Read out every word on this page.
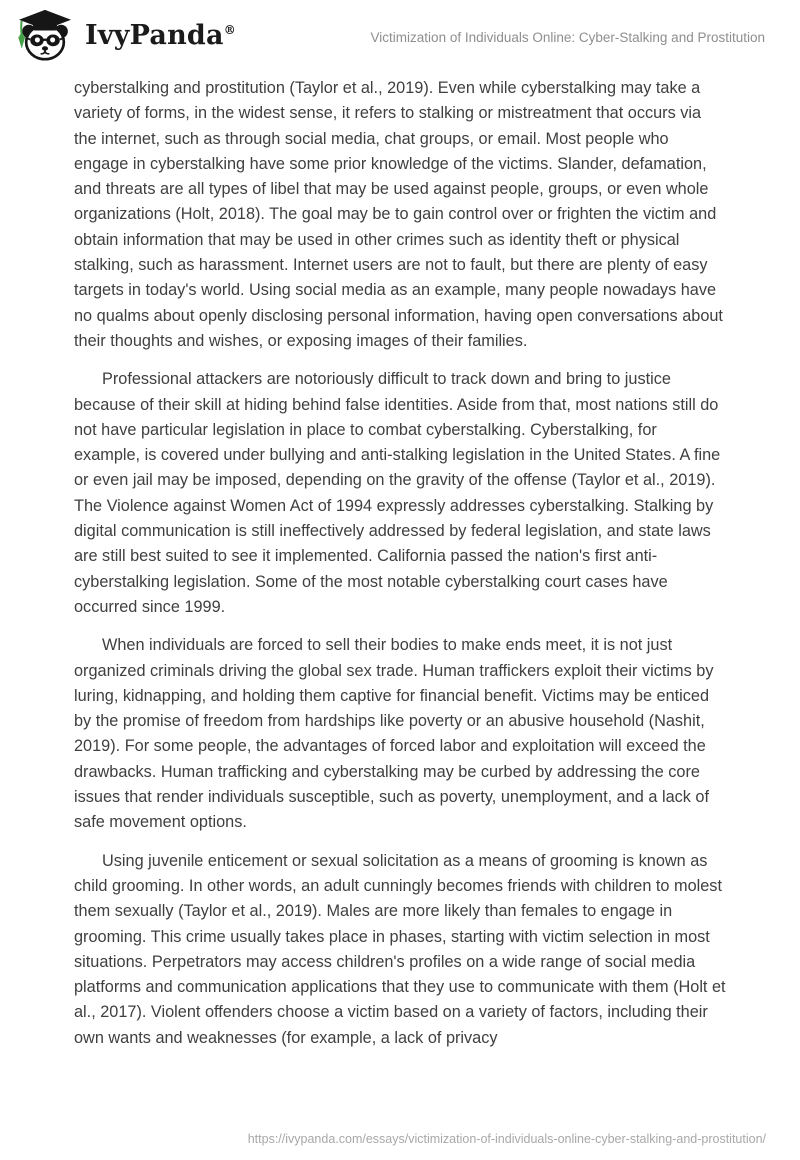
IvyPanda®	Victimization of Individuals Online: Cyber-Stalking and Prostitution

cyberstalking and prostitution (Taylor et al., 2019). Even while cyberstalking may take a variety of forms, in the widest sense, it refers to stalking or mistreatment that occurs via the internet, such as through social media, chat groups, or email. Most people who engage in cyberstalking have some prior knowledge of the victims. Slander, defamation, and threats are all types of libel that may be used against people, groups, or even whole organizations (Holt, 2018). The goal may be to gain control over or frighten the victim and obtain information that may be used in other crimes such as identity theft or physical stalking, such as harassment. Internet users are not to fault, but there are plenty of easy targets in today's world. Using social media as an example, many people nowadays have no qualms about openly disclosing personal information, having open conversations about their thoughts and wishes, or exposing images of their families.

Professional attackers are notoriously difficult to track down and bring to justice because of their skill at hiding behind false identities. Aside from that, most nations still do not have particular legislation in place to combat cyberstalking. Cyberstalking, for example, is covered under bullying and anti-stalking legislation in the United States. A fine or even jail may be imposed, depending on the gravity of the offense (Taylor et al., 2019). The Violence against Women Act of 1994 expressly addresses cyberstalking. Stalking by digital communication is still ineffectively addressed by federal legislation, and state laws are still best suited to see it implemented. California passed the nation's first anti-cyberstalking legislation. Some of the most notable cyberstalking court cases have occurred since 1999.

When individuals are forced to sell their bodies to make ends meet, it is not just organized criminals driving the global sex trade. Human traffickers exploit their victims by luring, kidnapping, and holding them captive for financial benefit. Victims may be enticed by the promise of freedom from hardships like poverty or an abusive household (Nashit, 2019). For some people, the advantages of forced labor and exploitation will exceed the drawbacks. Human trafficking and cyberstalking may be curbed by addressing the core issues that render individuals susceptible, such as poverty, unemployment, and a lack of safe movement options.

Using juvenile enticement or sexual solicitation as a means of grooming is known as child grooming. In other words, an adult cunningly becomes friends with children to molest them sexually (Taylor et al., 2019). Males are more likely than females to engage in grooming. This crime usually takes place in phases, starting with victim selection in most situations. Perpetrators may access children's profiles on a wide range of social media platforms and communication applications that they use to communicate with them (Holt et al., 2017). Violent offenders choose a victim based on a variety of factors, including their own wants and weaknesses (for example, a lack of privacy

https://ivypanda.com/essays/victimization-of-individuals-online-cyber-stalking-and-prostitution/
